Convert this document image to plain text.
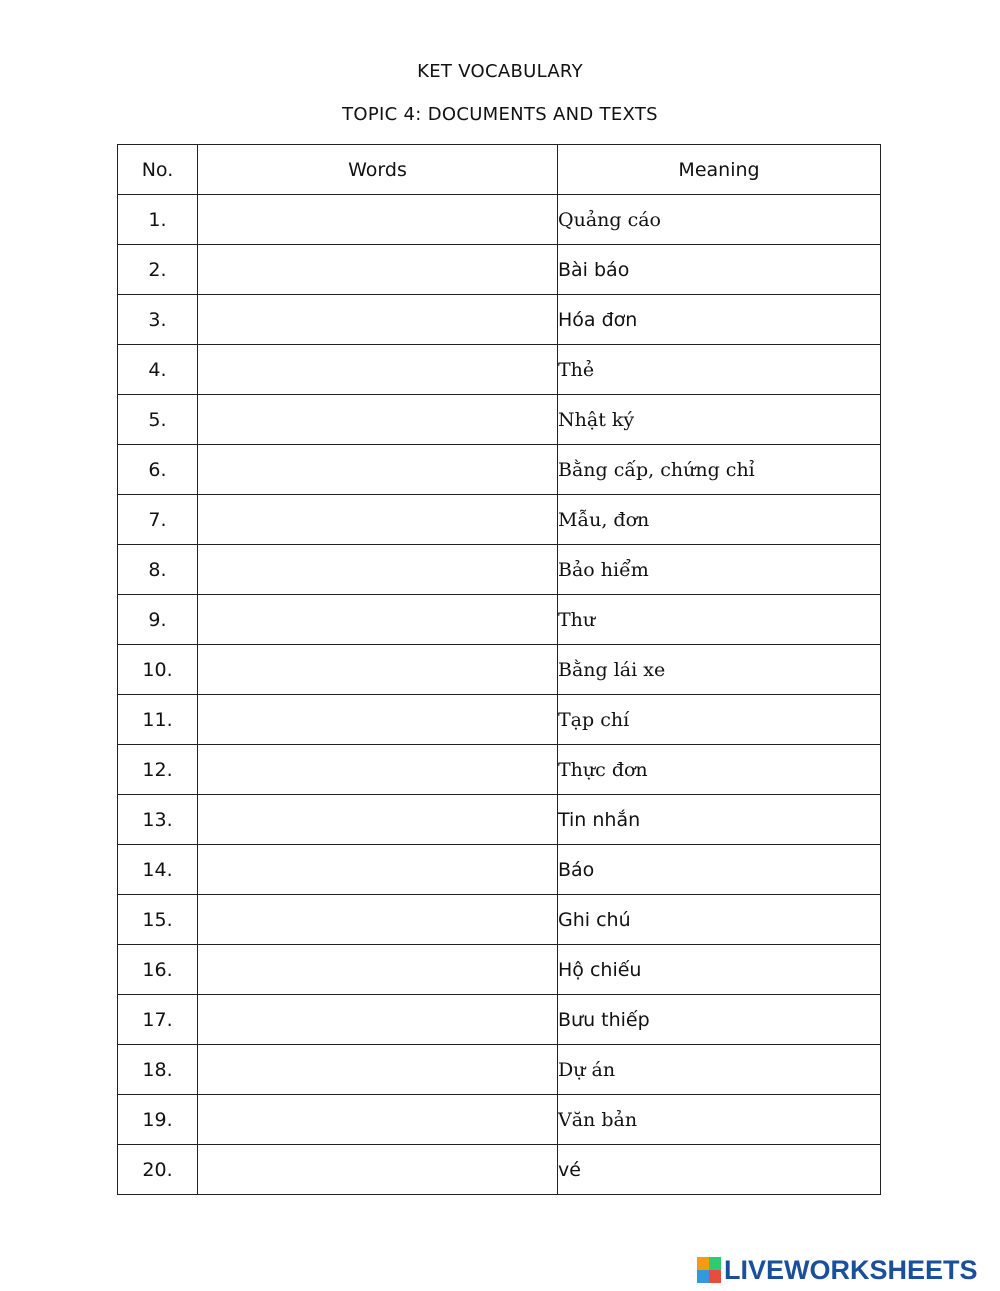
KET VOCABULARY
TOPIC 4: DOCUMENTS AND TEXTS
No.	Words	Meaning
1.		Quảng cáo
2.		Bài báo
3.		Hóa đơn
4.		Thẻ
5.		Nhật ký
6.		Bằng cấp, chứng chỉ
7.		Mẫu, đơn
8.		Bảo hiểm
9.		Thư
10.		Bằng lái xe
11.		Tạp chí
12.		Thực đơn
13.		Tin nhắn
14.		Báo
15.		Ghi chú
16.		Hộ chiếu
17.		Bưu thiếp
18.		Dự án
19.		Văn bản
20.		vé
LIVEWORKSHEETS
